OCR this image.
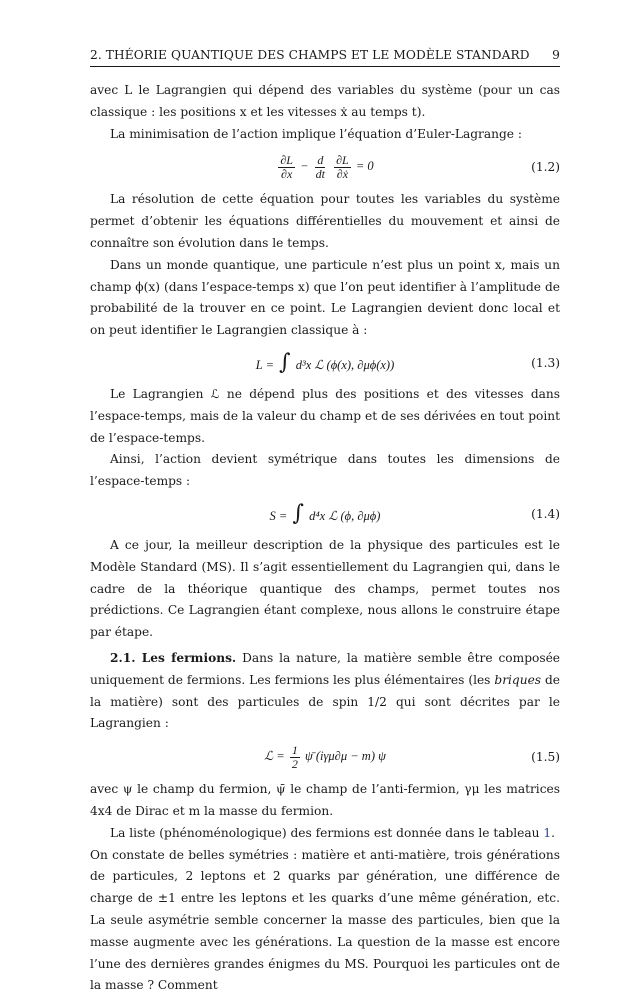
2. THÉORIE QUANTIQUE DES CHAMPS ET LE MODÈLE STANDARD 9

avec L le Lagrangien qui dépend des variables du système (pour un cas classique : les positions x et les vitesses ẋ au temps t).

La minimisation de l’action implique l’équation d’Euler-Lagrange :

$\frac{\partial L}{\partial x} - \frac{d}{dt}$
$\frac{\partial L}{\text{∂ẋ}} = 0$	(1.2)

La résolution de cette équation pour toutes les variables du système permet d’obtenir les équations différentielles du mouvement et ainsi de connaître son évolution dans le temps.

Dans un monde quantique, une particule n’est plus un point x, mais un champ ϕ(x) (dans l’espace-temps x) que l’on peut identifier à l’amplitude de probabilité de la trouver en ce point. Le Lagrangien devient donc local et on peut identifier le Lagrangien classique à :

L = ∫ d³x ℒ (ϕ(x), ∂μϕ(x))	(1.3)

Le Lagrangien ℒ ne dépend plus des positions et des vitesses dans l’espace-temps, mais de la valeur du champ et de ses dérivées en tout point de l’espace-temps.

Ainsi, l’action devient symétrique dans toutes les dimensions de l’espace-temps :

S = ∫ d⁴x ℒ (ϕ, ∂μϕ)	(1.4)

A ce jour, la meilleur description de la physique des particules est le Modèle Standard (MS). Il s’agit essentiellement du Lagrangien qui, dans le cadre de la théorique quantique des champs, permet toutes nos prédictions. Ce Lagrangien étant complexe, nous allons le construire étape par étape.

2.1. Les fermions. Dans la nature, la matière semble être composée uniquement de fermions. Les fermions les plus élémentaires (les briques de la matière) sont des particules de spin 1/2 qui sont décrites par le Lagrangien :

ℒ = $\frac{1}{2}$ ψ̄ (iγμ∂μ − m) ψ	(1.5)

avec ψ le champ du fermion, ψ̄ le champ de l’anti-fermion, γμ les matrices 4x4 de Dirac et m la masse du fermion.

La liste (phénoménologique) des fermions est donnée dans le tableau 1.

On constate de belles symétries : matière et anti-matière, trois générations de particules, 2 leptons et 2 quarks par génération, une différence de charge de ±1 entre les leptons et les quarks d’une même génération, etc. La seule asymétrie semble concerner la masse des particules, bien que la masse augmente avec les générations. La question de la masse est encore l’une des dernières grandes énigmes du MS. Pourquoi les particules ont de la masse ? Comment
